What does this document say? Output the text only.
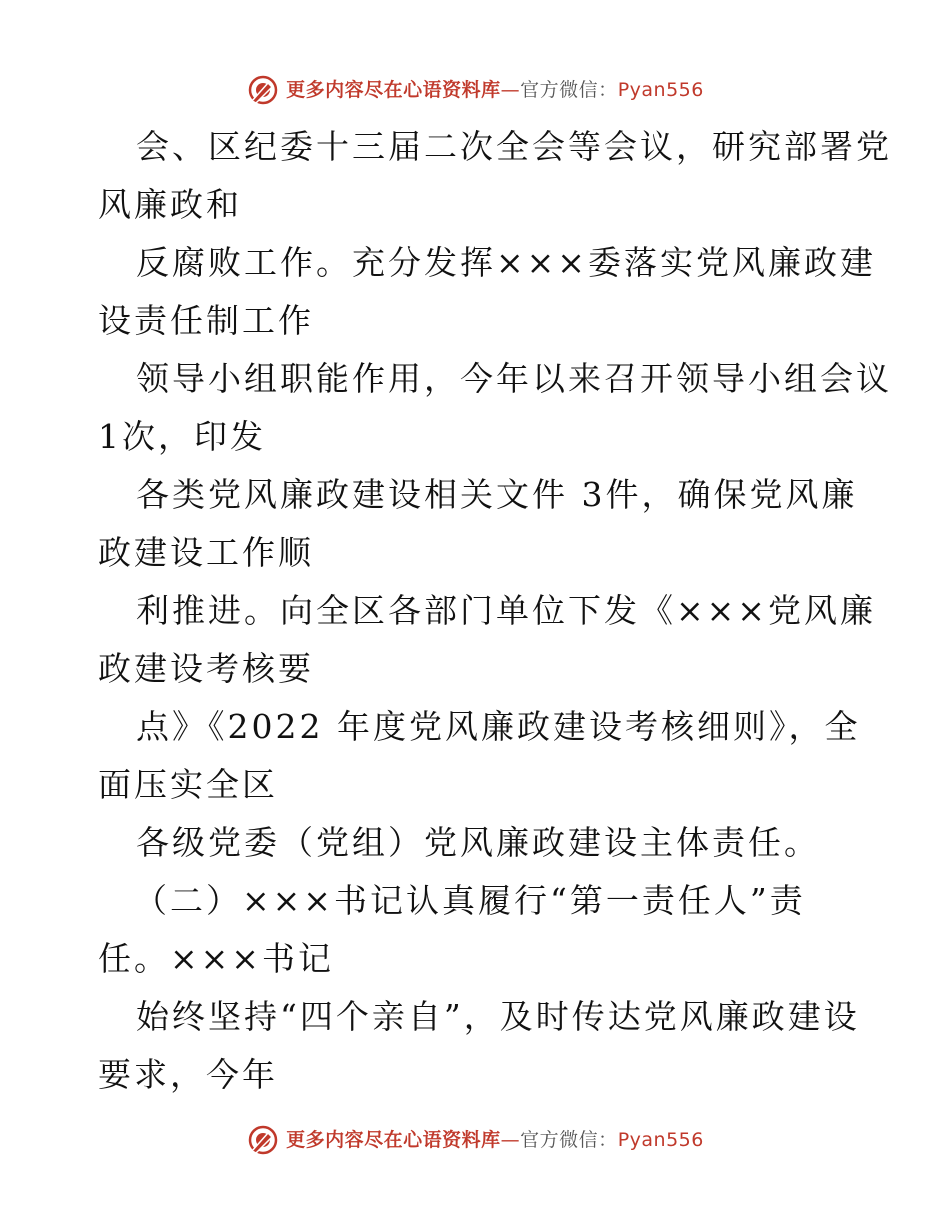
更多内容尽在心语资料库—官方微信：Pyan556
会、区纪委十三届二次全会等会议，研究部署党
风廉政和
反腐败工作。充分发挥×××委落实党风廉政建
设责任制工作
领导小组职能作用，今年以来召开领导小组会议
1次，印发
各类党风廉政建设相关文件 3件，确保党风廉
政建设工作顺
利推进。向全区各部门单位下发《×××党风廉
政建设考核要
点》《2022 年度党风廉政建设考核细则》，全
面压实全区
各级党委（党组）党风廉政建设主体责任。
（二）×××书记认真履行“第一责任人”责
任。×××书记
始终坚持“四个亲自”，及时传达党风廉政建设
要求，今年
更多内容尽在心语资料库—官方微信：Pyan556
